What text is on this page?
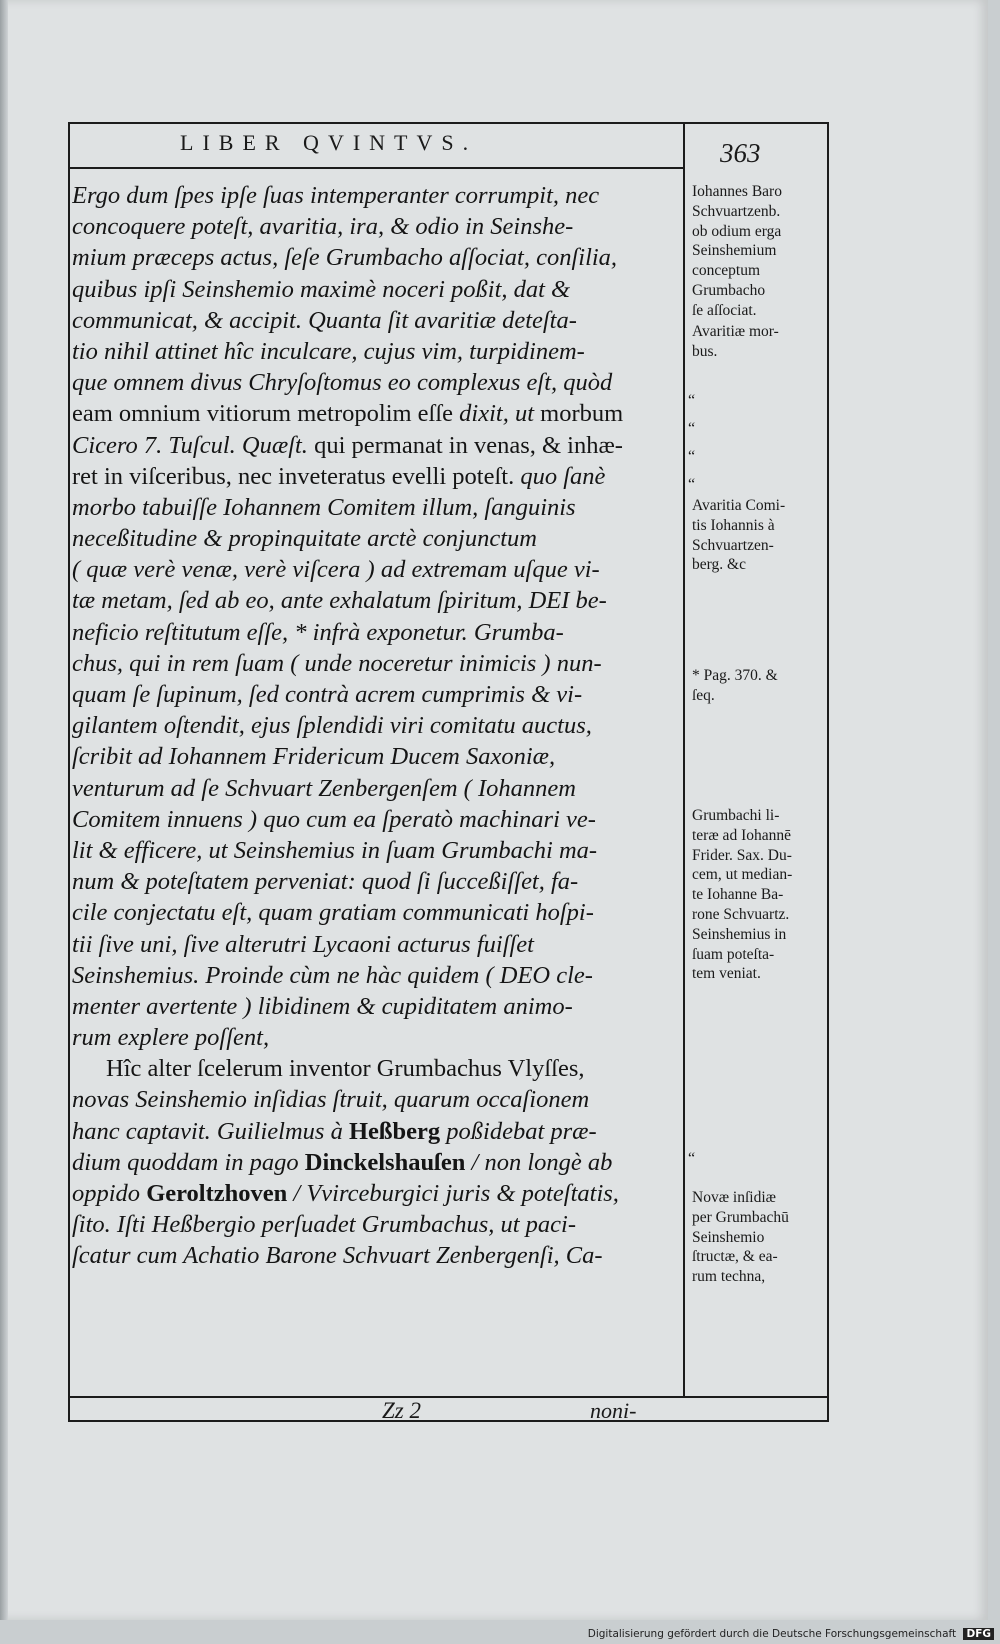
LIBER QVINTVS.	363
Ergo dum ſpes ipſe ſuas intemperanter corrumpit, nec
concoquere poteſt, avaritia, ira, & odio in Seinshe-
mium præceps actus, ſeſe Grumbacho aſſociat, conſilia,
quibus ipſi Seinshemio maximè noceri poßit, dat &
communicat, & accipit. Quanta ſit avaritiæ deteſta-
tio nihil attinet hîc inculcare, cujus vim, turpidinem-
que omnem divus Chryſoſtomus eo complexus eſt, quòd
eam omnium vitiorum metropolim eſſe dixit, ut morbum
Cicero 7. Tuſcul. Quæſt. qui permanat in venas, & inhæ-
ret in viſceribus, nec inveteratus evelli poteſt. quo ſanè
morbo tabuiſſe Iohannem Comitem illum, ſanguinis
neceßitudine & propinquitate arctè conjunctum
( quæ verè venæ, verè viſcera ) ad extremam uſque vi-
tæ metam, ſed ab eo, ante exhalatum ſpiritum, DEI be-
neficio reſtitutum eſſe, * infrà exponetur. Grumba-
chus, qui in rem ſuam ( unde noceretur inimicis ) nun-
quam ſe ſupinum, ſed contrà acrem cumprimis & vi-
gilantem oſtendit, ejus ſplendidi viri comitatu auctus,
ſcribit ad Iohannem Fridericum Ducem Saxoniæ,
venturum ad ſe Schvuart Zenbergenſem ( Iohannem
Comitem innuens ) quo cum ea ſperatò machinari ve-
lit & efficere, ut Seinshemius in ſuam Grumbachi ma-
num & poteſtatem perveniat: quod ſi ſucceßiſſet, fa-
cile conjectatu eſt, quam gratiam communicati hoſpi-
tii ſive uni, ſive alterutri Lycaoni acturus fuiſſet
Seinshemius. Proinde cùm ne hàc quidem ( DEO cle-
menter avertente ) libidinem & cupiditatem animo-
rum explere poſſent,
Hîc alter ſcelerum inventor Grumbachus Vlyſſes,
novas Seinshemio inſidias ſtruit, quarum occaſionem
hanc captavit. Guilielmus à Heßberg poßidebat præ-
dium quoddam in pago Dinckelshauſen / non longè ab
oppido Geroltzhoven / Vvirceburgici juris & poteſtatis,
ſito. Iſti Heßbergio perſuadet Grumbachus, ut paci-
ſcatur cum Achatio Barone Schvuart Zenbergenſi, Ca-
Iohannes Baro
Schvuartzenb.
ob odium erga
Seinshemium
conceptum
Grumbacho
ſe aſſociat.
Avaritiæ mor-
bus.
“
“
“
“
Avaritia Comi-
tis Iohannis à
Schvuartzen-
berg. &c
* Pag. 370. &
ſeq.
Grumbachi li-
teræ ad Iohannē
Frider. Sax. Du-
cem, ut median-
te Iohanne Ba-
rone Schvuartz.
Seinshemius in
ſuam poteſta-
tem veniat.
“
Novæ inſidiæ
per Grumbachū
Seinshemio
ſtructæ, & ea-
rum techna,
Zz 2	noni-
Digitalisierung gefördert durch die Deutsche Forschungsgemeinschaft DFG
